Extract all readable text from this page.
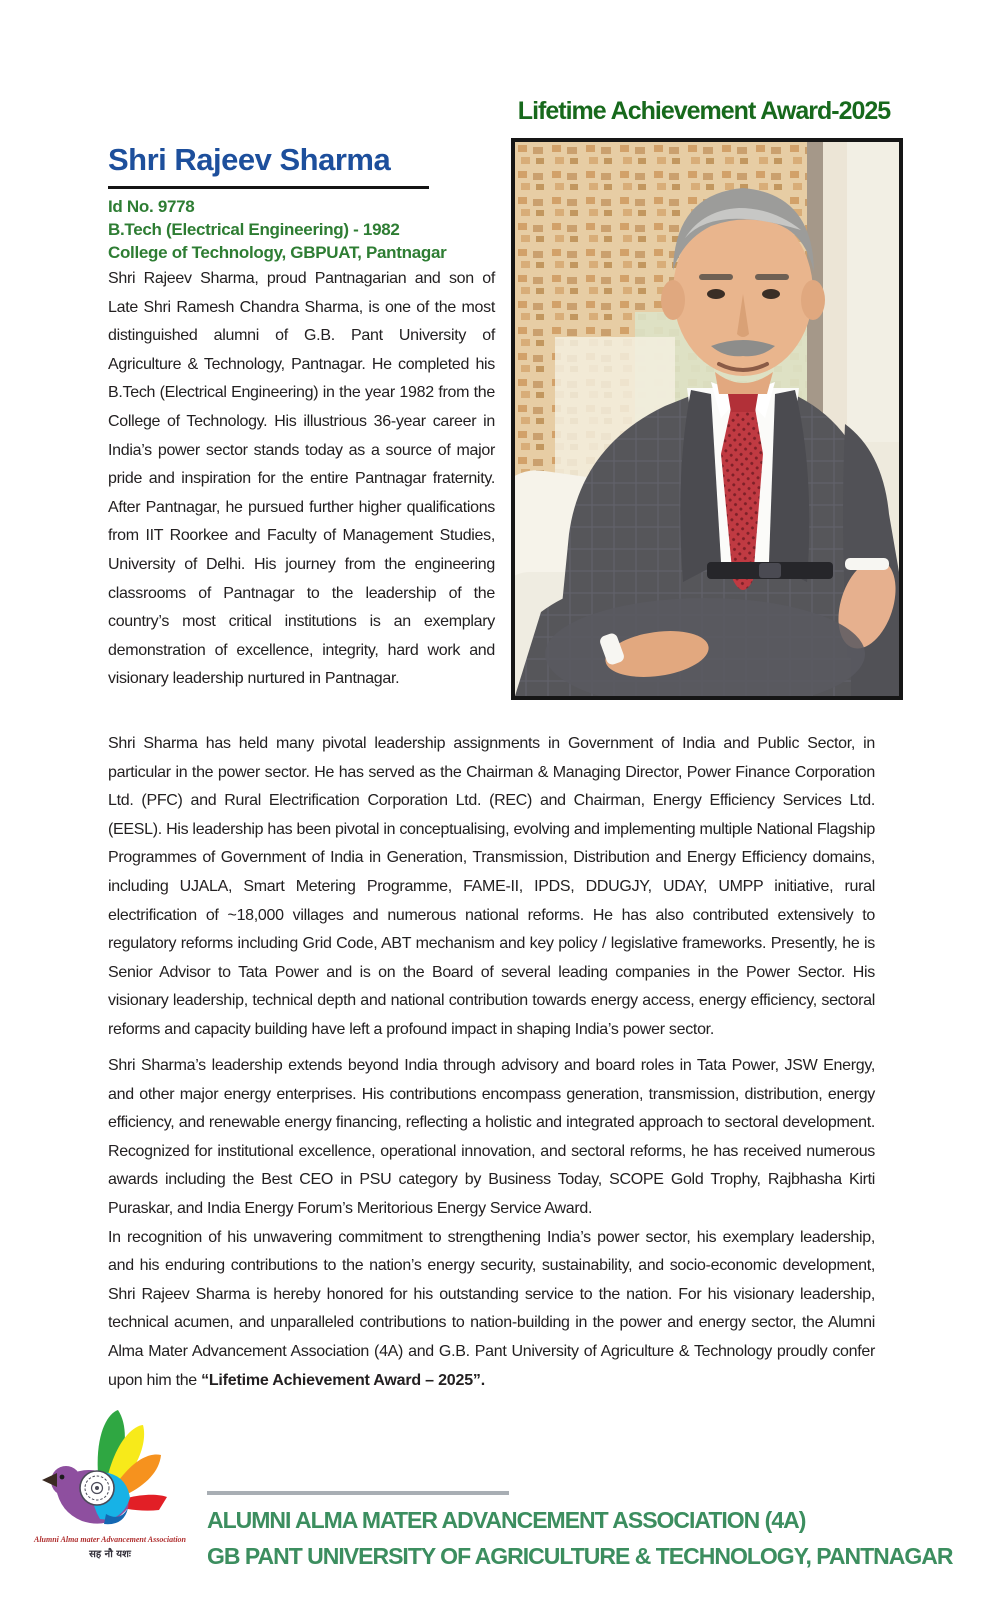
Lifetime Achievement Award-2025
Shri Rajeev Sharma
Id No. 9778
B.Tech (Electrical Engineering) - 1982
College of Technology, GBPUAT, Pantnagar

Shri Rajeev Sharma, proud Pantnagarian and son of Late Shri Ramesh Chandra Sharma, is one of the most distinguished alumni of G.B. Pant University of Agriculture & Technology, Pantnagar. He completed his B.Tech (Electrical Engineering) in the year 1982 from the College of Technology. His illustrious 36-year career in India’s power sector stands today as a source of major pride and inspiration for the entire Pantnagar fraternity. After Pantnagar, he pursued further higher qualifications from IIT Roorkee and Faculty of Management Studies, University of Delhi. His journey from the engineering classrooms of Pantnagar to the leadership of the country’s most critical institutions is an exemplary demonstration of excellence, integrity, hard work and visionary leadership nurtured in Pantnagar.

Shri Sharma has held many pivotal leadership assignments in Government of India and Public Sector, in particular in the power sector. He has served as the Chairman & Managing Director, Power Finance Corporation Ltd. (PFC) and Rural Electrification Corporation Ltd. (REC) and Chairman, Energy Efficiency Services Ltd. (EESL). His leadership has been pivotal in conceptualising, evolving and implementing multiple National Flagship Programmes of Government of India in Generation, Transmission, Distribution and Energy Efficiency domains, including UJALA, Smart Metering Programme, FAME-II, IPDS, DDUGJY, UDAY, UMPP initiative, rural electrification of ~18,000 villages and numerous national reforms. He has also contributed extensively to regulatory reforms including Grid Code, ABT mechanism and key policy / legislative frameworks. Presently, he is Senior Advisor to Tata Power and is on the Board of several leading companies in the Power Sector. His visionary leadership, technical depth and national contribution towards energy access, energy efficiency, sectoral reforms and capacity building have left a profound impact in shaping India’s power sector.

Shri Sharma’s leadership extends beyond India through advisory and board roles in Tata Power, JSW Energy, and other major energy enterprises. His contributions encompass generation, transmission, distribution, energy efficiency, and renewable energy financing, reflecting a holistic and integrated approach to sectoral development. Recognized for institutional excellence, operational innovation, and sectoral reforms, he has received numerous awards including the Best CEO in PSU category by Business Today, SCOPE Gold Trophy, Rajbhasha Kirti Puraskar, and India Energy Forum’s Meritorious Energy Service Award.

In recognition of his unwavering commitment to strengthening India’s power sector, his exemplary leadership, and his enduring contributions to the nation’s energy security, sustainability, and socio-economic development, Shri Rajeev Sharma is hereby honored for his outstanding service to the nation. For his visionary leadership, technical acumen, and unparalleled contributions to nation-building in the power and energy sector, the Alumni Alma Mater Advancement Association (4A) and G.B. Pant University of Agriculture & Technology proudly confer upon him the “Lifetime Achievement Award – 2025”.

Alumni Alma mater Advancement Association
सह नौ यशः
ALUMNI ALMA MATER ADVANCEMENT ASSOCIATION (4A)
GB PANT UNIVERSITY OF AGRICULTURE & TECHNOLOGY, PANTNAGAR
